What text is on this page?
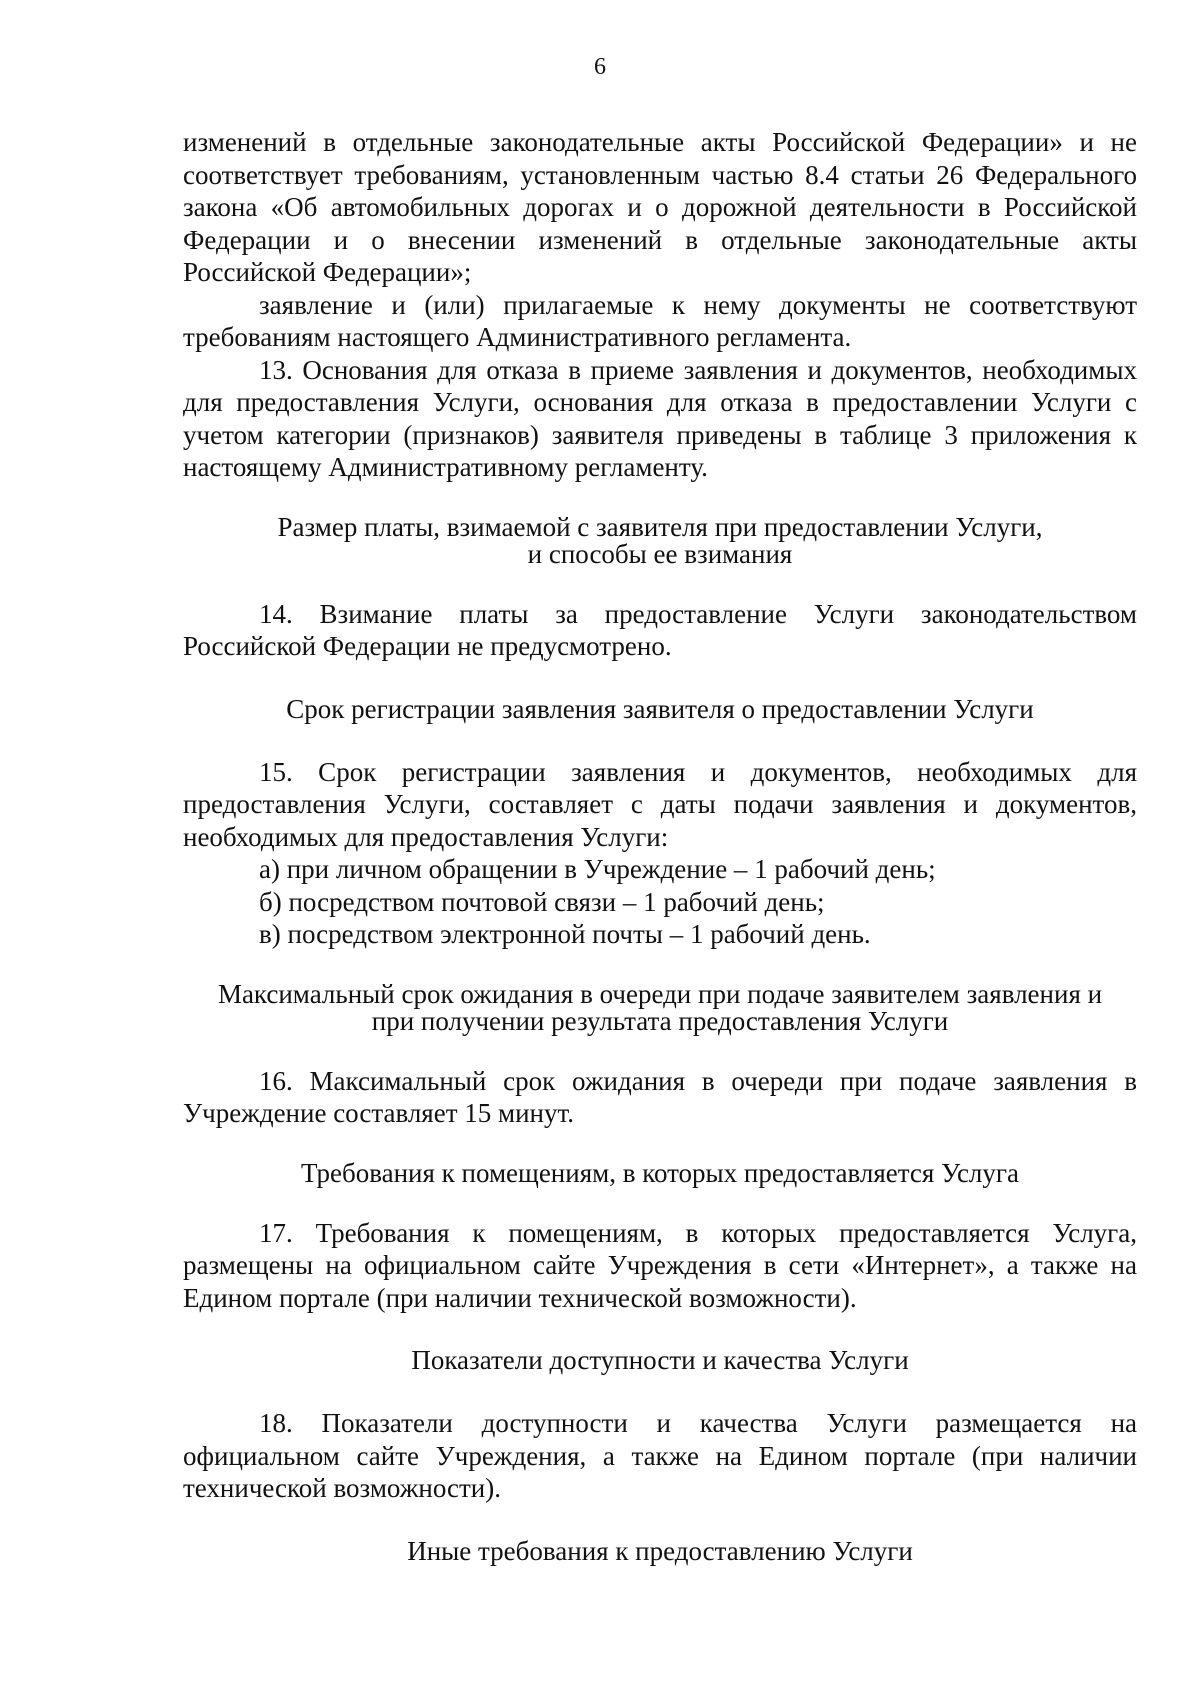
6

изменений в отдельные законодательные акты Российской Федерации» и не соответствует требованиям, установленным частью 8.4 статьи 26 Федерального закона «Об автомобильных дорогах и о дорожной деятельности в Российской Федерации и о внесении изменений в отдельные законодательные акты Российской Федерации»;

заявление и (или) прилагаемые к нему документы не соответствуют требованиям настоящего Административного регламента.

13. Основания для отказа в приеме заявления и документов, необходимых для предоставления Услуги, основания для отказа в предоставлении Услуги с учетом категории (признаков) заявителя приведены в таблице 3 приложения к настоящему Административному регламенту.

Размер платы, взимаемой с заявителя при предоставлении Услуги,

и способы ее взимания

14. Взимание платы за предоставление Услуги законодательством Российской Федерации не предусмотрено.

Срок регистрации заявления заявителя о предоставлении Услуги

15. Срок регистрации заявления и документов, необходимых для предоставления Услуги, составляет с даты подачи заявления и документов, необходимых для предоставления Услуги:

а) при личном обращении в Учреждение – 1 рабочий день;

б) посредством почтовой связи – 1 рабочий день;

в) посредством электронной почты – 1 рабочий день.

Максимальный срок ожидания в очереди при подаче заявителем заявления и

при получении результата предоставления Услуги

16. Максимальный срок ожидания в очереди при подаче заявления в Учреждение составляет 15 минут.

Требования к помещениям, в которых предоставляется Услуга

17. Требования к помещениям, в которых предоставляется Услуга, размещены на официальном сайте Учреждения в сети «Интернет», а также на Едином портале (при наличии технической возможности).

Показатели доступности и качества Услуги

18. Показатели доступности и качества Услуги размещается на официальном сайте Учреждения, а также на Едином портале (при наличии технической возможности).

Иные требования к предоставлению Услуги
